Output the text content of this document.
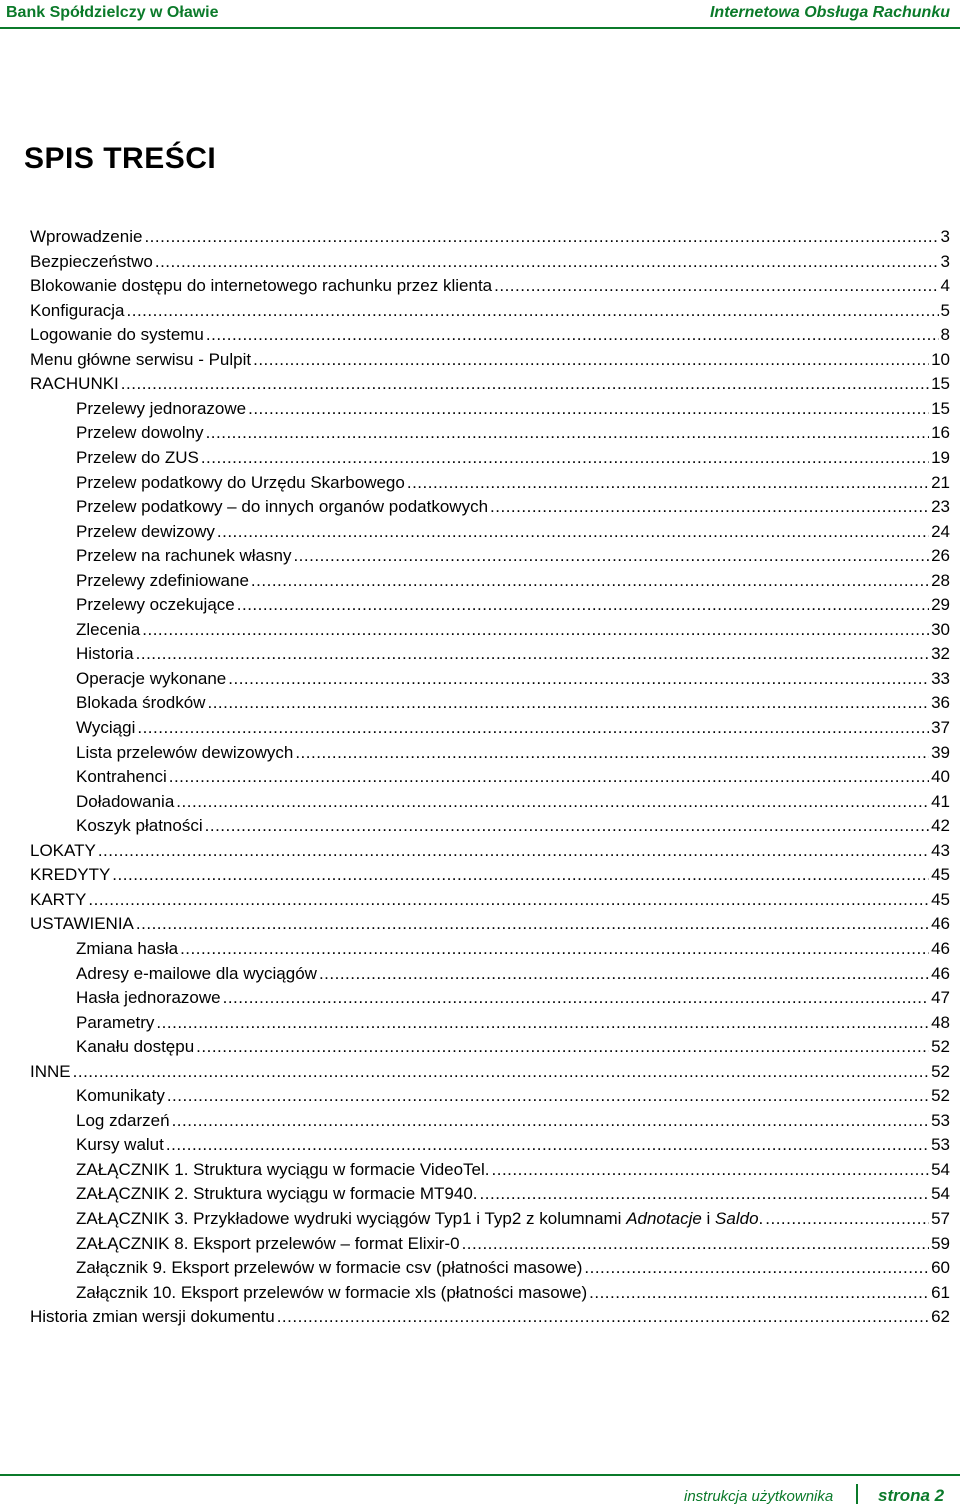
Bank Spółdzielczy w Oławie	Internetowa Obsługa Rachunku
SPIS TREŚCI
Wprowadzenie .....	3
Bezpieczeństwo .....	3
Blokowanie dostępu do internetowego rachunku przez klienta .....	4
Konfiguracja .....	5
Logowanie do systemu .....	8
Menu główne serwisu - Pulpit .....	10
RACHUNKI .....	15
Przelewy jednorazowe .....	15
Przelew dowolny .....	16
Przelew do ZUS .....	19
Przelew podatkowy do Urzędu Skarbowego .....	21
Przelew podatkowy – do innych organów podatkowych .....	23
Przelew dewizowy .....	24
Przelew na rachunek własny .....	26
Przelewy zdefiniowane .....	28
Przelewy oczekujące .....	29
Zlecenia .....	30
Historia .....	32
Operacje wykonane .....	33
Blokada środków .....	36
Wyciągi .....	37
Lista przelewów dewizowych .....	39
Kontrahenci .....	40
Doładowania .....	41
Koszyk płatności .....	42
LOKATY .....	43
KREDYTY .....	45
KARTY .....	45
USTAWIENIA .....	46
Zmiana hasła .....	46
Adresy e-mailowe dla wyciągów .....	46
Hasła jednorazowe .....	47
Parametry .....	48
Kanału dostępu .....	52
INNE .....	52
Komunikaty .....	52
Log zdarzeń .....	53
Kursy walut .....	53
ZAŁĄCZNIK 1. Struktura wyciągu w formacie VideoTel. .....	54
ZAŁĄCZNIK 2. Struktura wyciągu w formacie MT940. .....	54
ZAŁĄCZNIK 3. Przykładowe wydruki wyciągów Typ1 i Typ2 z kolumnami Adnotacje i Saldo. .....	57
ZAŁĄCZNIK 8. Eksport przelewów – format Elixir-0 .....	59
Załącznik 9. Eksport przelewów w formacie csv (płatności masowe) .....	60
Załącznik 10. Eksport przelewów w formacie xls (płatności masowe) .....	61
Historia zmian wersji dokumentu .....	62
instrukcja użytkownika	strona 2
